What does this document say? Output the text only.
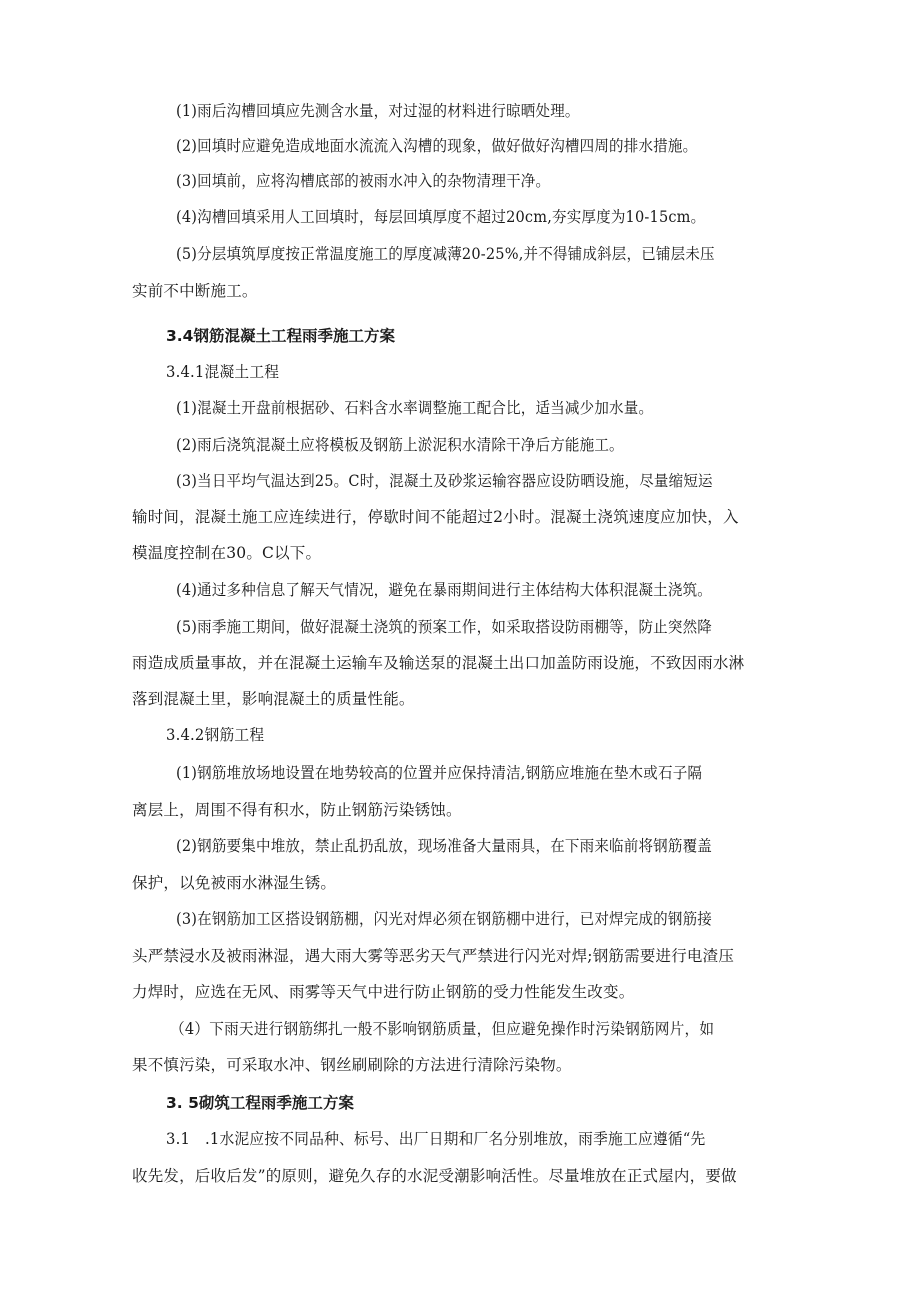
(1)雨后沟槽回填应先测含水量，对过湿的材料进行晾晒处理。
(2)回填时应避免造成地面水流流入沟槽的现象，做好做好沟槽四周的排水措施。
(3)回填前，应将沟槽底部的被雨水冲入的杂物清理干净。
(4)沟槽回填采用人工回填时，每层回填厚度不超过20cm,夯实厚度为10-15cm。
(5)分层填筑厚度按正常温度施工的厚度减薄20-25%,并不得铺成斜层，已铺层未压
实前不中断施工。
3.4钢筋混凝土工程雨季施工方案
3.4.1混凝土工程
(1)混凝土开盘前根据砂、石料含水率调整施工配合比，适当减少加水量。
(2)雨后浇筑混凝土应将模板及钢筋上淤泥积水清除干净后方能施工。
(3)当日平均气温达到25。C时，混凝土及砂浆运输容器应设防晒设施，尽量缩短运
输时间，混凝土施工应连续进行，停歇时间不能超过2小时。混凝土浇筑速度应加快，入
模温度控制在30。C以下。
(4)通过多种信息了解天气情况，避免在暴雨期间进行主体结构大体积混凝土浇筑。
(5)雨季施工期间，做好混凝土浇筑的预案工作，如采取搭设防雨棚等，防止突然降
雨造成质量事故，并在混凝土运输车及输送泵的混凝土出口加盖防雨设施，不致因雨水淋
落到混凝土里，影响混凝土的质量性能。
3.4.2钢筋工程
(1)钢筋堆放场地设置在地势较高的位置并应保持清洁,钢筋应堆施在垫木或石子隔
离层上，周围不得有积水，防止钢筋污染锈蚀。
(2)钢筋要集中堆放，禁止乱扔乱放，现场准备大量雨具，在下雨来临前将钢筋覆盖
保护，以免被雨水淋湿生锈。
(3)在钢筋加工区搭设钢筋棚，闪光对焊必须在钢筋棚中进行，已对焊完成的钢筋接
头严禁浸水及被雨淋湿，遇大雨大雾等恶劣天气严禁进行闪光对焊;钢筋需要进行电渣压
力焊时，应选在无风、雨雾等天气中进行防止钢筋的受力性能发生改变。
（4）下雨天进行钢筋绑扎一般不影响钢筋质量，但应避免操作时污染钢筋网片，如
果不慎污染，可采取水冲、钢丝刷刷除的方法进行清除污染物。
3. 5砌筑工程雨季施工方案
3.1　.1水泥应按不同品种、标号、出厂日期和厂名分别堆放，雨季施工应遵循“先
收先发，后收后发”的原则，避免久存的水泥受潮影响活性。尽量堆放在正式屋内，要做
